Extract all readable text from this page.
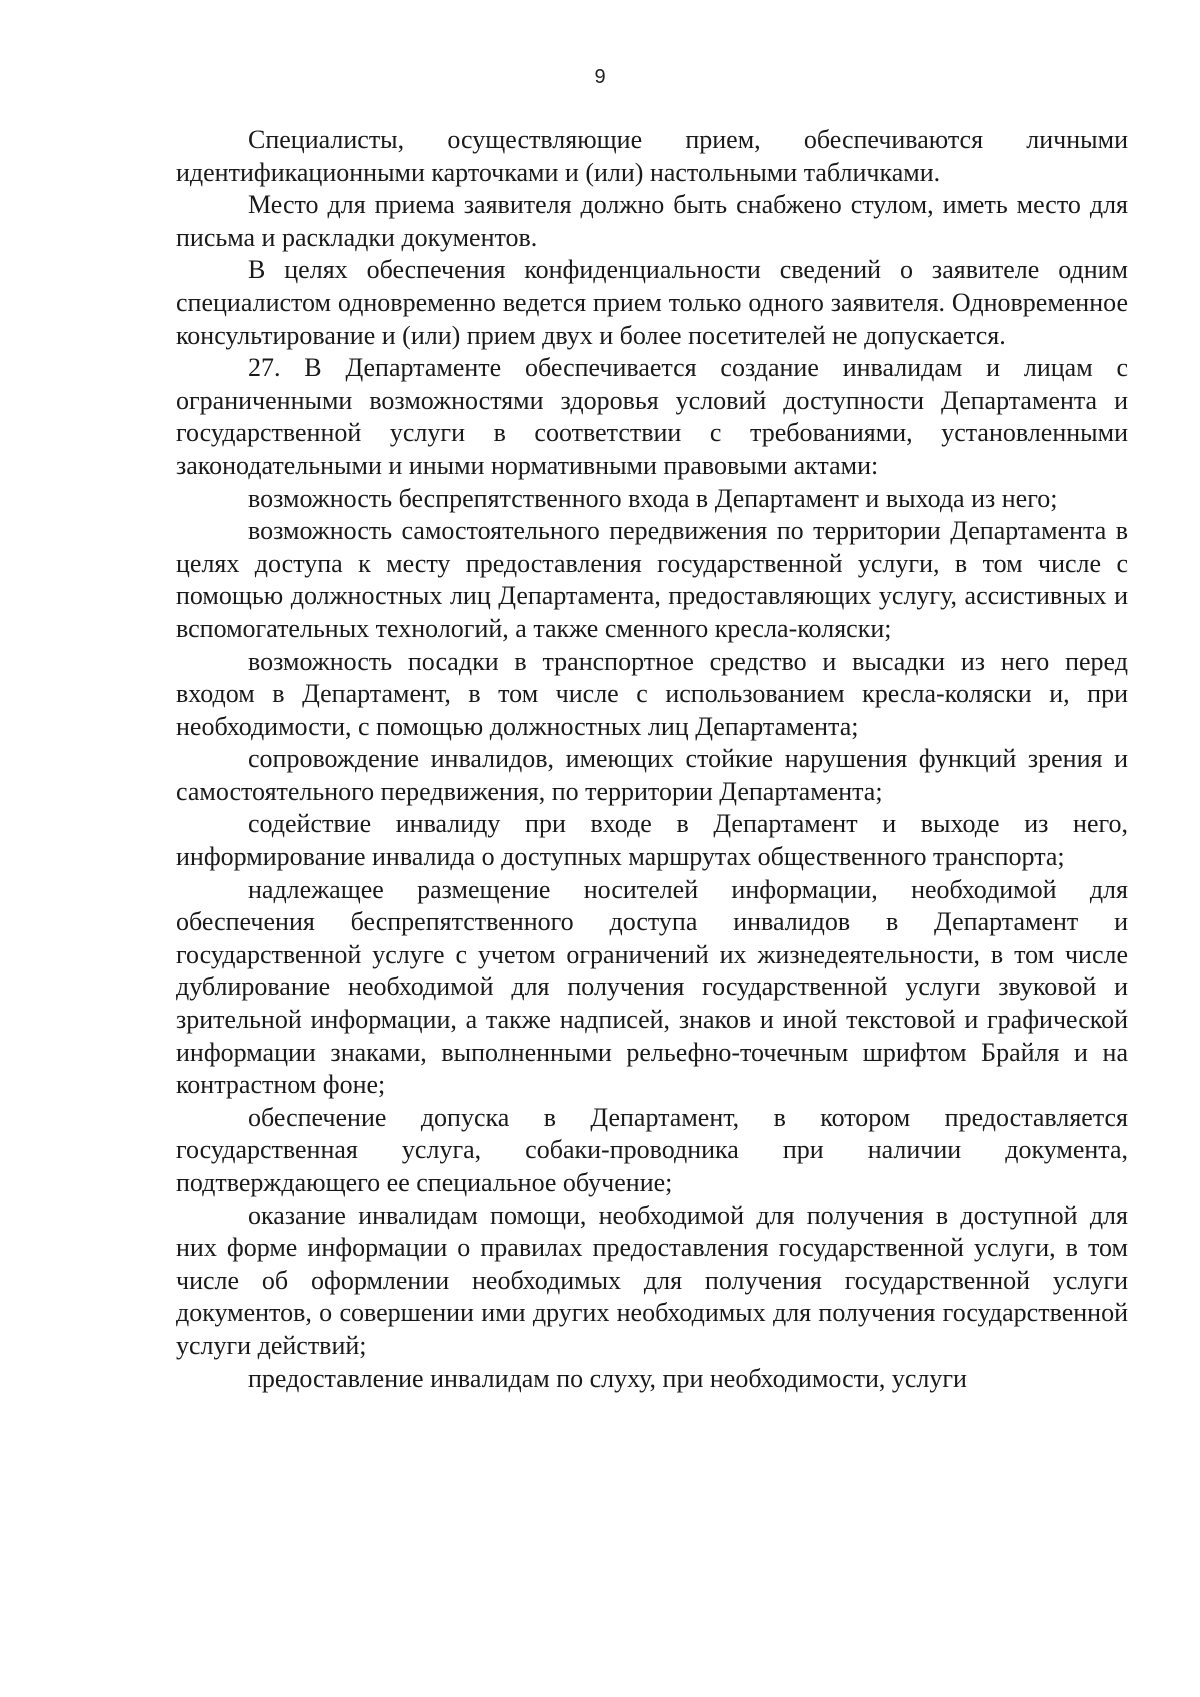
9

Специалисты, осуществляющие прием, обеспечиваются личными идентификационными карточками и (или) настольными табличками.

Место для приема заявителя должно быть снабжено стулом, иметь место для письма и раскладки документов.

В целях обеспечения конфиденциальности сведений о заявителе одним специалистом одновременно ведется прием только одного заявителя. Одновременное консультирование и (или) прием двух и более посетителей не допускается.

27. В Департаменте обеспечивается создание инвалидам и лицам с ограниченными возможностями здоровья условий доступности Департамента и государственной услуги в соответствии с требованиями, установленными законодательными и иными нормативными правовыми актами:

возможность беспрепятственного входа в Департамент и выхода из него;

возможность самостоятельного передвижения по территории Департамента в целях доступа к месту предоставления государственной услуги, в том числе с помощью должностных лиц Департамента, предоставляющих услугу, ассистивных и вспомогательных технологий, а также сменного кресла-коляски;

возможность посадки в транспортное средство и высадки из него перед входом в Департамент, в том числе с использованием кресла-коляски и, при необходимости, с помощью должностных лиц Департамента;

сопровождение инвалидов, имеющих стойкие нарушения функций зрения и самостоятельного передвижения, по территории Департамента;

содействие инвалиду при входе в Департамент и выходе из него, информирование инвалида о доступных маршрутах общественного транспорта;

надлежащее размещение носителей информации, необходимой для обеспечения беспрепятственного доступа инвалидов в Департамент и государственной услуге с учетом ограничений их жизнедеятельности, в том числе дублирование необходимой для получения государственной услуги звуковой и зрительной информации, а также надписей, знаков и иной текстовой и графической информации знаками, выполненными рельефно-точечным шрифтом Брайля и на контрастном фоне;

обеспечение допуска в Департамент, в котором предоставляется государственная услуга, собаки-проводника при наличии документа, подтверждающего ее специальное обучение;

оказание инвалидам помощи, необходимой для получения в доступной для них форме информации о правилах предоставления государственной услуги, в том числе об оформлении необходимых для получения государственной услуги документов, о совершении ими других необходимых для получения государственной услуги действий;

предоставление инвалидам по слуху, при необходимости, услуги
